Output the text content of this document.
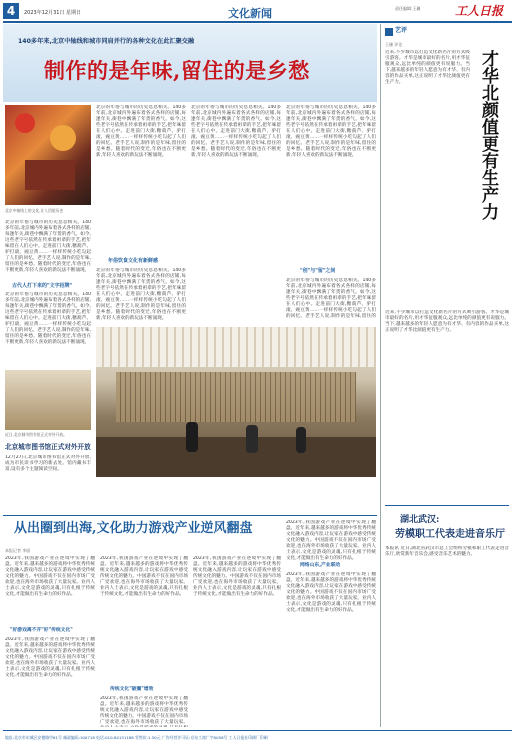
4	2023年12月31日 星期日	文化新闻	责任编辑:王珊	工人日报
140多年来,北京中轴线和城市同肩并行的各种文化在此汇聚交融
制作的是年味,留住的是乡愁
北京中轴线上的文化,让人回望历史
北京的年俗与城市的历史息息相关。140多年前,北京城内外遍布着各式各样的店铺,每逢年关,街巷中飘满了年货的香气。如今,这些老字号依然在传承着祖辈的手艺,把年味留在人们心中。走进前门大街,糖葫芦、驴打滚、豌豆黄……一样样传统小吃勾起了人们的回忆。老手艺人说,制作的是年味,留住的是乡愁。随着时代的变迁,年俗也在不断更新,年轻人喜欢的新玩法不断涌现。
古代人打下来的"文字招牌"
北京的年俗与城市的历史息息相关。140多年前,北京城内外遍布着各式各样的店铺,每逢年关,街巷中飘满了年货的香气。如今,这些老字号依然在传承着祖辈的手艺,把年味留在人们心中。走进前门大街,糖葫芦、驴打滚、豌豆黄……一样样传统小吃勾起了人们的回忆。老手艺人说,制作的是年味,留住的是乡愁。随着时代的变迁,年俗也在不断更新,年轻人喜欢的新玩法不断涌现。
北京的年俗与城市的历史息息相关。140多年前,北京城内外遍布着各式各样的店铺,每逢年关,街巷中飘满了年货的香气。如今,这些老字号依然在传承着祖辈的手艺,把年味留在人们心中。走进前门大街,糖葫芦、驴打滚、豌豆黄……一样样传统小吃勾起了人们的回忆。老手艺人说,制作的是年味,留住的是乡愁。随着时代的变迁,年俗也在不断更新,年轻人喜欢的新玩法不断涌现。
年俗饮食文化有新鲜感
北京的年俗与城市的历史息息相关。140多年前,北京城内外遍布着各式各样的店铺,每逢年关,街巷中飘满了年货的香气。如今,这些老字号依然在传承着祖辈的手艺,把年味留在人们心中。走进前门大街,糖葫芦、驴打滚、豌豆黄……一样样传统小吃勾起了人们的回忆。老手艺人说,制作的是年味,留住的是乡愁。随着时代的变迁,年俗也在不断更新,年轻人喜欢的新玩法不断涌现。
北京的年俗与城市的历史息息相关。140多年前,北京城内外遍布着各式各样的店铺,每逢年关,街巷中飘满了年货的香气。如今,这些老字号依然在传承着祖辈的手艺,把年味留在人们心中。走进前门大街,糖葫芦、驴打滚、豌豆黄……一样样传统小吃勾起了人们的回忆。老手艺人说,制作的是年味,留住的是乡愁。随着时代的变迁,年俗也在不断更新,年轻人喜欢的新玩法不断涌现。
北京的年俗与城市的历史息息相关。140多年前,北京城内外遍布着各式各样的店铺,每逢年关,街巷中飘满了年货的香气。如今,这些老字号依然在传承着祖辈的手艺,把年味留在人们心中。走进前门大街,糖葫芦、驴打滚、豌豆黄……一样样传统小吃勾起了人们的回忆。老手艺人说,制作的是年味,留住的是乡愁。随着时代的变迁,年俗也在不断更新,年轻人喜欢的新玩法不断涌现。
"创"与"留"之间
北京的年俗与城市的历史息息相关。140多年前,北京城内外遍布着各式各样的店铺,每逢年关,街巷中飘满了年货的香气。如今,这些老字号依然在传承着祖辈的手艺,把年味留在人们心中。走进前门大街,糖葫芦、驴打滚、豌豆黄……一样样传统小吃勾起了人们的回忆。老手艺人说,制作的是年味,留住的
近日,北京城市图书馆正式对外开放。
北京城市图书馆正式对外开放
12月27日,北京城市图书馆正式对外开放,成为市民读书学习的新去处。馆内藏书丰富,设有多个主题阅读空间。
从出圈到出海,文化助力游戏产业逆风翻盘
本报记者 李丽
2023年,我国游戏产业在逆境中实现了翻盘。近年来,越来越多的游戏将中华优秀传统文化融入游戏内容,让玩家在游戏中感受传统文化的魅力。中国游戏不仅在国内市场广受欢迎,也在海外市场收获了大量玩家。业内人士表示,文化是游戏的灵魂,只有扎根于传统文化,才能做出有生命力的好作品。
"好游戏离不开"好"传统文化"
2023年,我国游戏产业在逆境中实现了翻盘。近年来,越来越多的游戏将中华优秀传统文化融入游戏内容,让玩家在游戏中感受传统文化的魅力。中国游戏不仅在国内市场广受欢迎,也在海外市场收获了大量玩家。业内人士表示,文化是游戏的灵魂,只有扎根于传统文化,才能做出有生命力的好作品。
2023年,我国游戏产业在逆境中实现了翻盘。近年来,越来越多的游戏将中华优秀传统文化融入游戏内容,让玩家在游戏中感受传统文化的魅力。中国游戏不仅在国内市场广受欢迎,也在海外市场收获了大量玩家。业内人士表示,文化是游戏的灵魂,只有扎根于传统文化,才能做出有生命力的好作品。
传统文化"破圈"增效
2023年,我国游戏产业在逆境中实现了翻盘。近年来,越来越多的游戏将中华优秀传统文化融入游戏内容,让玩家在游戏中感受传统文化的魅力。中国游戏不仅在国内市场广受欢迎,也在海外市场收获了大量玩家。
2023年,我国游戏产业在逆境中实现了翻盘。近年来,越来越多的游戏将中华优秀传统文化融入游戏内容,让玩家在游戏中感受传统文化的魅力。中国游戏不仅在国内市场广受欢迎,也在海外市场收获了大量玩家。业内人士表示,文化是游戏的灵魂,只有扎根于传统文化,才能做出有生命力的好作品。
2023年,我国游戏产业在逆境中实现了翻盘。近年来,越来越多的游戏将中华优秀传统文化融入游戏内容,让玩家在游戏中感受传统文化的魅力。中国游戏不仅在国内市场广受欢迎,也在海外市场收获了大量玩家。业内人士表示,文化是游戏的灵魂,只有扎根于传统文化,才能做出有生命力的好作品。
网络山东,产业联动
2023年,我国游戏产业在逆境中实现了翻盘。近年来,越来越多的游戏将中华优秀传统文化融入游戏内容,让玩家在游戏中感受传统文化的魅力。中国游戏不仅在国内市场广受欢迎,也在海外市场收获了大量玩家。业内人士表示,文化是游戏的灵魂,只有扎根于传统文化,才能做出有生命力的好作品。
艺评
王珊 评论
才华北颜值更有生产力
近来,不少城市以打造文化新名片的方式吸引游客。才华是城市最好的名片,用才华征服观众,远比单纯的颜值更有说服力。当下,越来越多的年轻人愿意为有才华、有内容的作品买单,这正说明了才华比颜值更有生产力。
近来,不少城市以打造文化新名片的方式吸引游客。才华是城市最好的名片,用才华征服观众,远比单纯的颜值更有说服力。当下,越来越多的年轻人愿意为有才华、有内容的作品买单,这正说明了才华比颜值更有生产力。
湖北武汉:
劳模职工代表走进音乐厅
本报讯 近日,湖北省武汉市总工会组织劳模和职工代表走进音乐厅,欣赏新年音乐会,感受音乐艺术的魅力。
地址:北京市东城区安德路甲61号 邮政编码:100718 电话:010-84151188 零售价:1.50元 广告经营许可证:京东工商广字0058号 工人日报社印刷厂印刷
